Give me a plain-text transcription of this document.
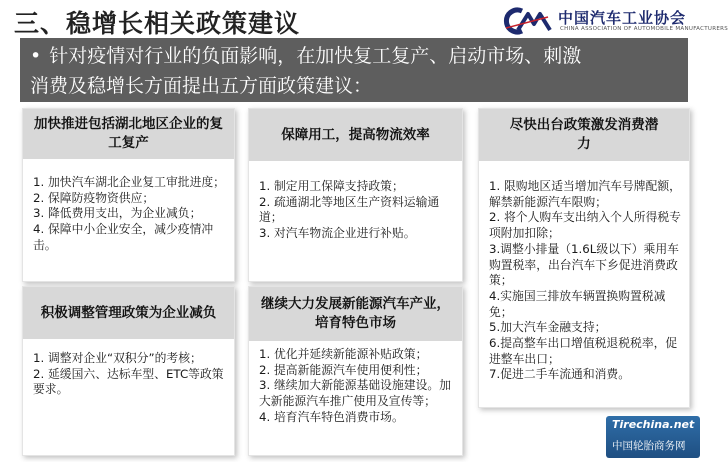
三、稳增长相关政策建议	中国汽车工业协会
CHINA ASSOCIATION OF AUTOMOBILE MANUFACTURERS
• 针对疫情对行业的负面影响，在加快复工复产、启动市场、刺激
消费及稳增长方面提出五方面政策建议：
加快推进包括湖北地区企业的复工复产

1. 加快汽车湖北企业复工审批进度；

2. 保障防疫物资供应；

3. 降低费用支出，为企业减负；

4. 保障中小企业安全，减少疫情冲击。

积极调整管理政策为企业减负

1. 调整对企业“双积分”的考核；

2. 延缓国六、达标车型、ETC等政策要求。

保障用工，提高物流效率

1. 制定用工保障支持政策；

2. 疏通湖北等地区生产资料运输通道；

3. 对汽车物流企业进行补贴。

继续大力发展新能源汽车产业，培育特色市场

1. 优化并延续新能源补贴政策；

2. 提高新能源汽车使用便利性；

3. 继续加大新能源基础设施建设。加大新能源汽车推广使用及宣传等；

4. 培育汽车特色消费市场。

尽快出台政策激发消费潜力

1. 限购地区适当增加汽车号牌配额，解禁新能源汽车限购；

2. 将个人购车支出纳入个人所得税专项附加扣除；

3.调整小排量（1.6L级以下）乘用车购置税率，出台汽车下乡促进消费政策；

4.实施国三排放车辆置换购置税减免；

5.加大汽车金融支持；

6.提高整车出口增值税退税税率，促进整车出口；

7.促进二手车流通和消费。

Tirechina.net
中国轮胎商务网
